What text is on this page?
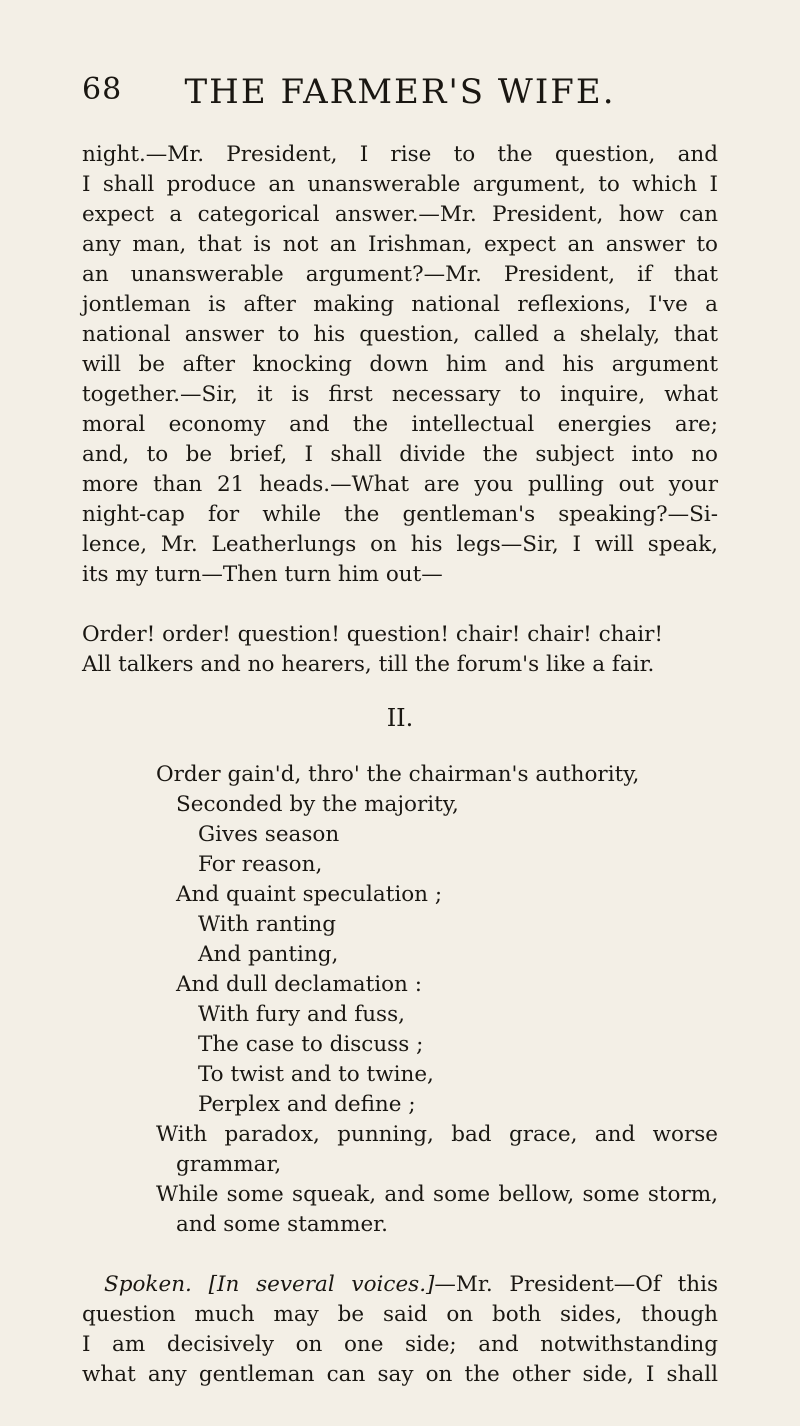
68	THE FARMER'S WIFE.
night.—Mr. President, I rise to the question, and
I shall produce an unanswerable argument, to which I
expect a categorical answer.—Mr. President, how can
any man, that is not an Irishman, expect an answer to
an unanswerable argument?—Mr. President, if that
jontleman is after making national reflexions, I've a
national answer to his question, called a shelaly, that
will be after knocking down him and his argument
together.—Sir, it is first necessary to inquire, what
moral economy and the intellectual energies are;
and, to be brief, I shall divide the subject into no
more than 21 heads.—What are you pulling out your
night-cap for while the gentleman's speaking?—Si-
lence, Mr. Leatherlungs on his legs—Sir, I will speak,
its my turn—Then turn him out—
Order! order! question! question! chair! chair! chair!
All talkers and no hearers, till the forum's like a fair.
II.
Order gain'd, thro' the chairman's authority,
Seconded by the majority,
Gives season
For reason,
And quaint speculation ;
With ranting
And panting,
And dull declamation :
With fury and fuss,
The case to discuss ;
To twist and to twine,
Perplex and define ;
With paradox, punning, bad grace, and worse
grammar,
While some squeak, and some bellow, some storm,
and some stammer.
Spoken. [In several voices.]—Mr. President—Of this
question much may be said on both sides, though
I am decisively on one side; and notwithstanding
what any gentleman can say on the other side, I shall
